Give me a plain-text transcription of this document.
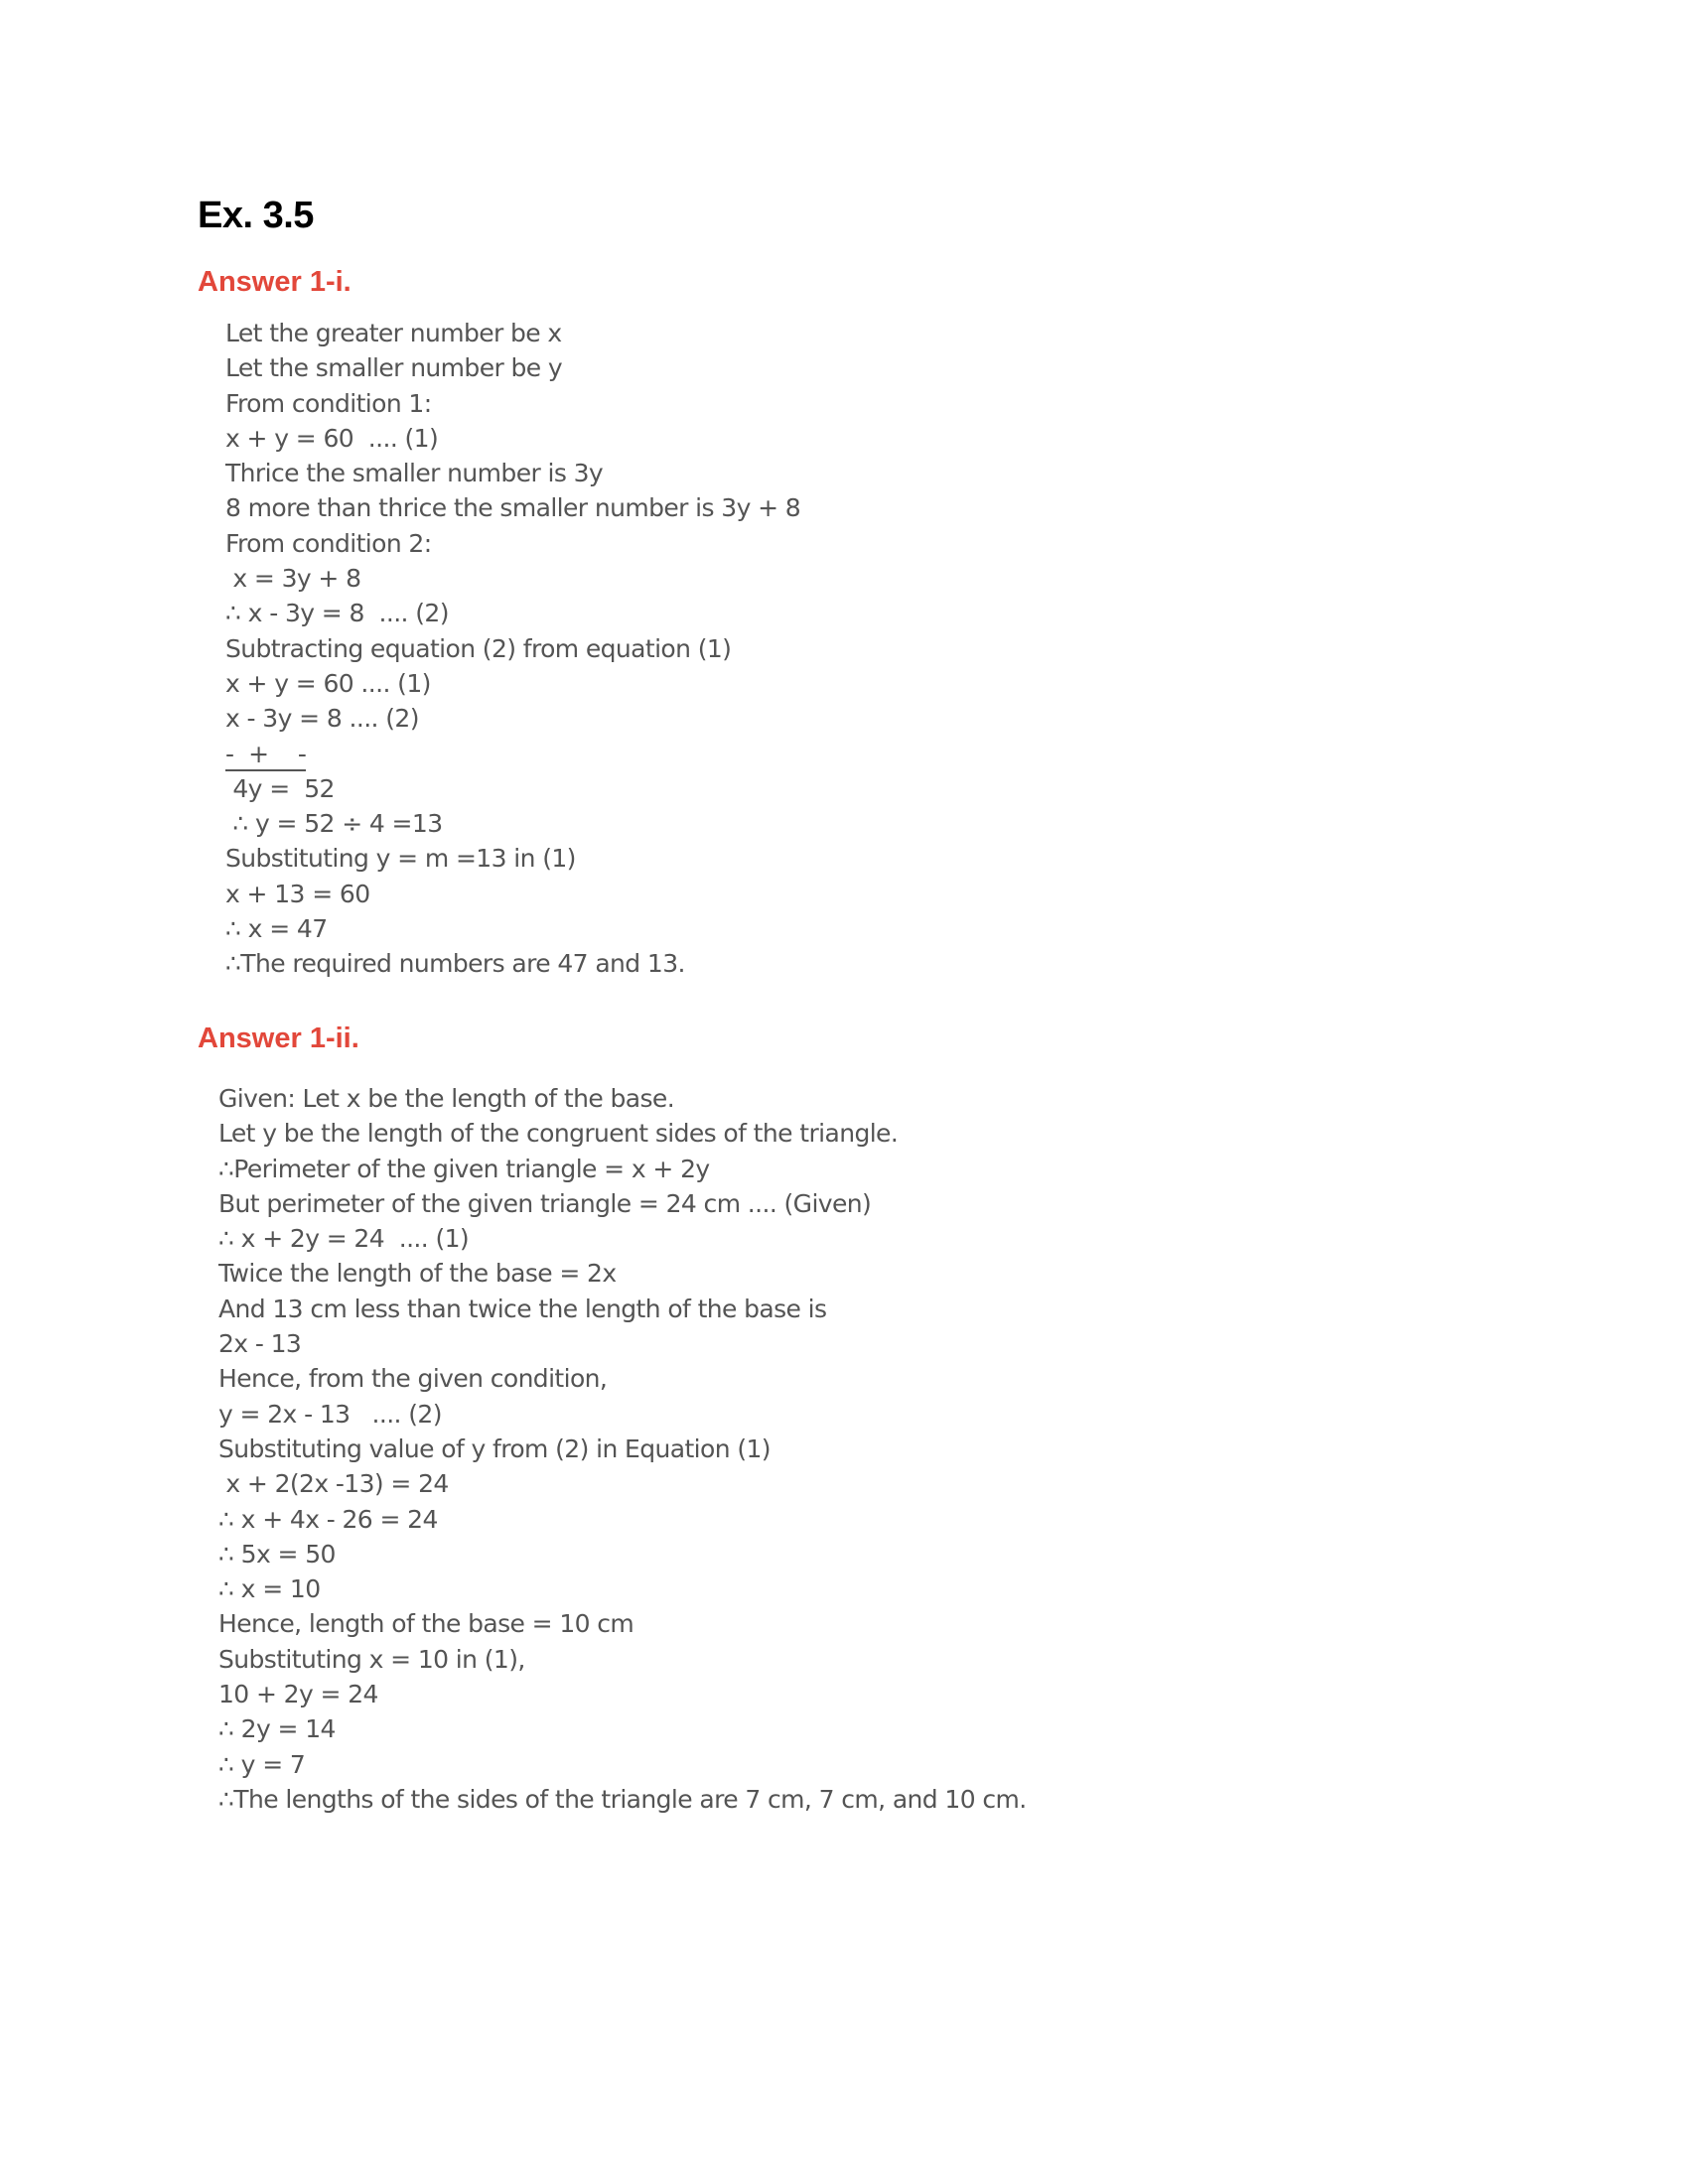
Ex. 3.5
Answer 1-i.
Let the greater number be x
Let the smaller number be y
From condition 1:
x + y = 60  .... (1)
Thrice the smaller number is 3y
8 more than thrice the smaller number is 3y + 8
From condition 2:
x = 3y + 8
∴ x - 3y = 8  .... (2)
Subtracting equation (2) from equation (1)
x + y = 60 .... (1)
x - 3y = 8 .... (2)
-  +    -
4y =  52
∴ y = 52 ÷ 4 =13
Substituting y = m =13 in (1)
x + 13 = 60
∴ x = 47
∴The required numbers are 47 and 13.
Answer 1-ii.
Given: Let x be the length of the base.
Let y be the length of the congruent sides of the triangle.
∴Perimeter of the given triangle = x + 2y
But perimeter of the given triangle = 24 cm .... (Given)
∴ x + 2y = 24  .... (1)
Twice the length of the base = 2x
And 13 cm less than twice the length of the base is
2x - 13
Hence, from the given condition,
y = 2x - 13   .... (2)
Substituting value of y from (2) in Equation (1)
x + 2(2x -13) = 24
∴ x + 4x - 26 = 24
∴ 5x = 50
∴ x = 10
Hence, length of the base = 10 cm
Substituting x = 10 in (1),
10 + 2y = 24
∴ 2y = 14
∴ y = 7
∴The lengths of the sides of the triangle are 7 cm, 7 cm, and 10 cm.
